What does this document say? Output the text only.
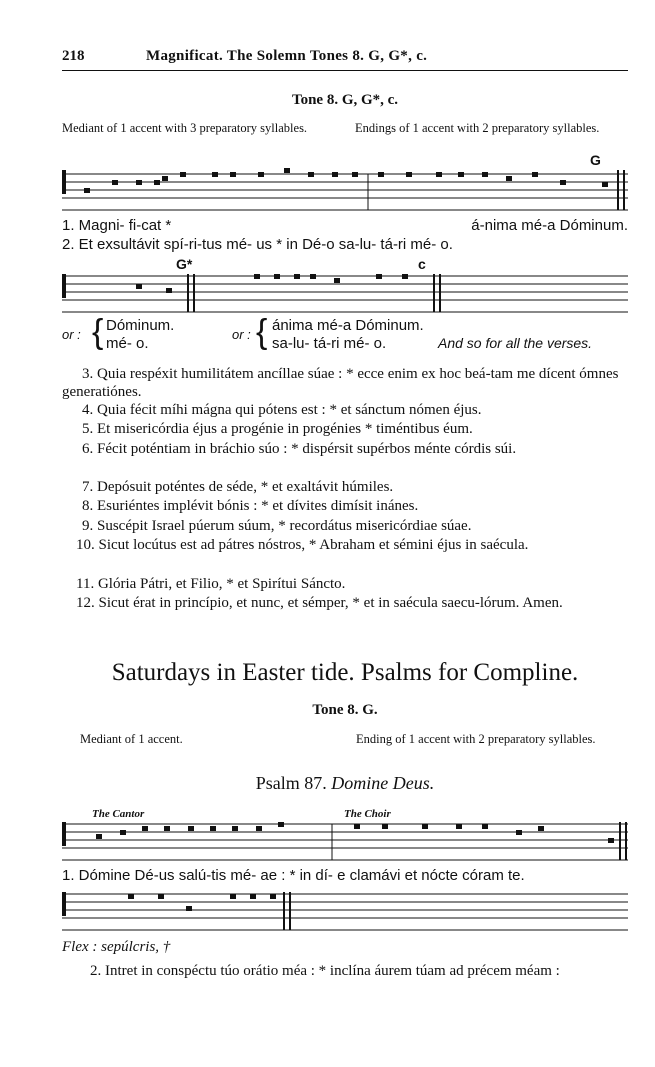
218	Magnificat. The Solemn Tones 8. G, G*, c.
Tone 8. G, G*, c.
Mediant of 1 accent with 3 preparatory syllables.	Endings of 1 accent with 2 preparatory syllables.
G
1. Magni- fi-cat *	á-nima mé-a Dóminum.
2. Et exsultávit spí-ri-tus mé- us * in Dé-o sa-lu- tá-ri mé- o.
G*	c
or : { Dóminum.
mé- o.
or : { ánima mé-a Dóminum.
sa-lu- tá-ri mé- o.	And so for all the verses.
3. Quia respéxit humilitátem ancíllae súae : * ecce enim ex hoc beá-tam me dícent ómnes generatiónes.
4. Quia fécit míhi mágna qui pótens est : * et sánctum nómen éjus.
5. Et misericórdia éjus a progénie in progénies * timéntibus éum.
6. Fécit poténtiam in bráchio súo : * dispérsit supérbos ménte córdis súi.
7. Depósuit poténtes de séde, * et exaltávit húmiles.
8. Esuriéntes implévit bónis : * et dívites dimísit inánes.
9. Suscépit Israel púerum súum, * recordátus misericórdiae súae.
10. Sicut locútus est ad pátres nóstros, * Abraham et sémini éjus in saécula.
11. Glória Pátri, et Filio, * et Spirítui Sáncto.
12. Sicut érat in princípio, et nunc, et sémper, * et in saécula saecu-lórum. Amen.
Saturdays in Easter tide. Psalms for Compline.
Tone 8. G.
Mediant of 1 accent.	Ending of 1 accent with 2 preparatory syllables.
Psalm 87. Domine Deus.
The Cantor	The Choir
1. Dómine Dé-us salú-tis mé- ae : * in dí- e clamávi et nócte córam te.
Flex : sepúlcris, †
2. Intret in conspéctu túo orátio méa : * inclína áurem túam ad précem méam :
